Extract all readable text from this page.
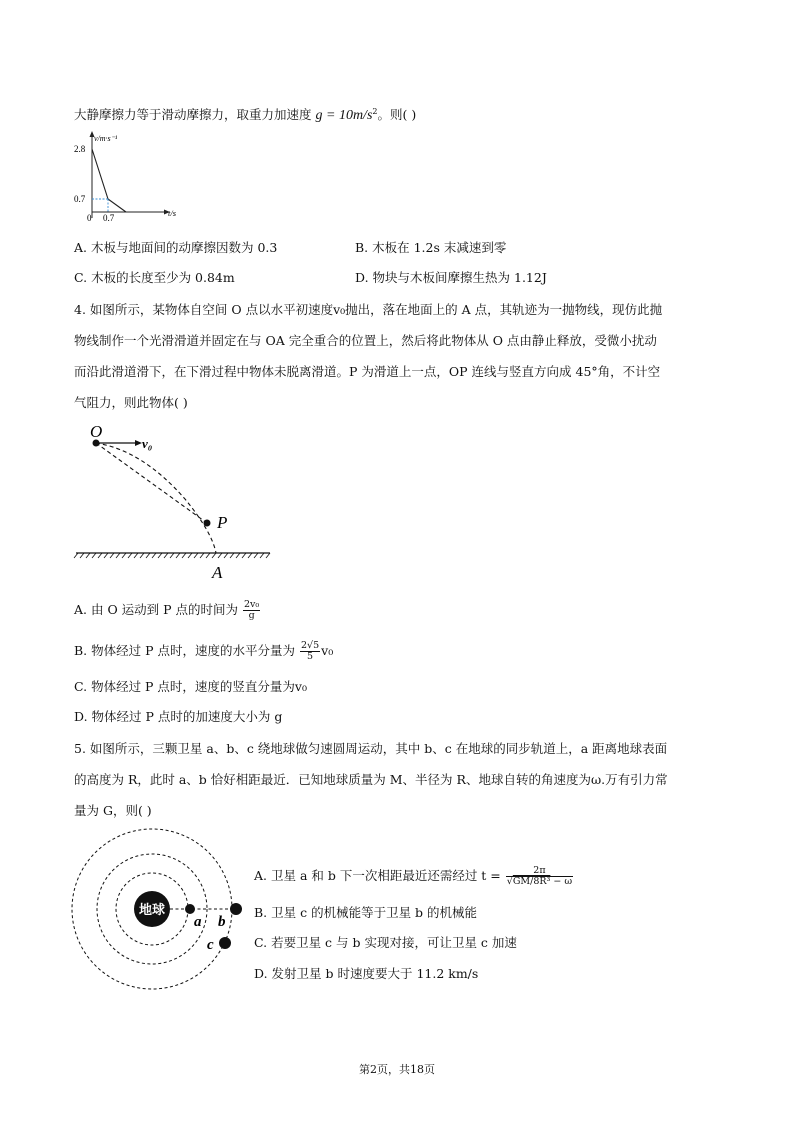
大静摩擦力等于滑动摩擦力，取重力加速度 $g = 10m/s^2$。则( )
v/m·s⁻¹
2.8
0.7
0 0.7	t/s
A. 木板与地面间的动摩擦因数为 0.3	B. 木板在 1.2s 末减速到零
C. 木板的长度至少为 0.84m	D. 物块与木板间摩擦生热为 1.12J
4. 如图所示，某物体自空间 O 点以水平初速度v₀抛出，落在地面上的 A 点，其轨迹为一抛物线，现仿此抛
物线制作一个光滑滑道并固定在与 OA 完全重合的位置上，然后将此物体从 O 点由静止释放，受微小扰动
而沿此滑道滑下，在下滑过程中物体未脱离滑道。P 为滑道上一点，OP 连线与竖直方向成 45°角，不计空
气阻力，则此物体( )
O
v₀
P
A
A. 由 O 运动到 P 点的时间为 $\frac{\text{2v₀}}{g}$
B. 物体经过 P 点时，速度的水平分量为 $\frac{2√5}{5} v_0$
C. 物体经过 P 点时，速度的竖直分量为v₀
D. 物体经过 P 点时的加速度大小为 g
5. 如图所示，三颗卫星 a、b、c 绕地球做匀速圆周运动，其中 b、c 在地球的同步轨道上，a 距离地球表面
的高度为 R，此时 a、b 恰好相距最近．已知地球质量为 M、半径为 R、地球自转的角速度为ω.万有引力常
量为 G，则( )
地球
a b
c
A. 卫星 a 和 b 下一次相距最近还需经过 $t = \frac{2\pi}{\text{√GM/8R³ − ω}}$
B. 卫星 c 的机械能等于卫星 b 的机械能
C. 若要卫星 c 与 b 实现对接，可让卫星 c 加速
D. 发射卫星 b 时速度要大于 11.2 km/s
第2页，共18页
